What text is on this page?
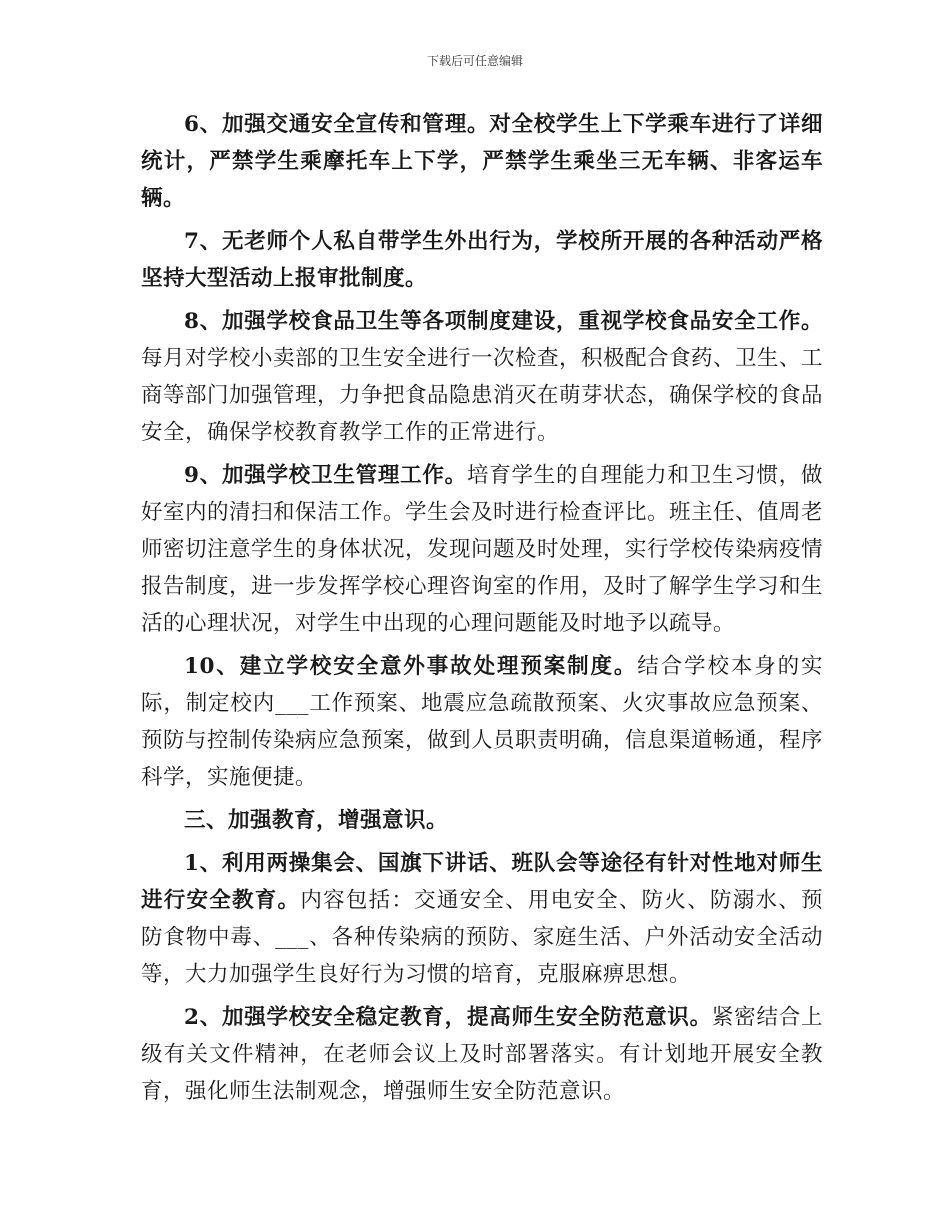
下载后可任意编辑

6、加强交通安全宣传和管理。对全校学生上下学乘车进行了详细统计，严禁学生乘摩托车上下学，严禁学生乘坐三无车辆、非客运车辆。

7、无老师个人私自带学生外出行为，学校所开展的各种活动严格坚持大型活动上报审批制度。

8、加强学校食品卫生等各项制度建设，重视学校食品安全工作。每月对学校小卖部的卫生安全进行一次检查，积极配合食药、卫生、工商等部门加强管理，力争把食品隐患消灭在萌芽状态，确保学校的食品安全，确保学校教育教学工作的正常进行。

9、加强学校卫生管理工作。培育学生的自理能力和卫生习惯，做好室内的清扫和保洁工作。学生会及时进行检查评比。班主任、值周老师密切注意学生的身体状况，发现问题及时处理，实行学校传染病疫情报告制度，进一步发挥学校心理咨询室的作用，及时了解学生学习和生活的心理状况，对学生中出现的心理问题能及时地予以疏导。

10、建立学校安全意外事故处理预案制度。结合学校本身的实际，制定校内___工作预案、地震应急疏散预案、火灾事故应急预案、预防与控制传染病应急预案，做到人员职责明确，信息渠道畅通，程序科学，实施便捷。

三、加强教育，增强意识。

1、利用两操集会、国旗下讲话、班队会等途径有针对性地对师生进行安全教育。内容包括：交通安全、用电安全、防火、防溺水、预防食物中毒、___、各种传染病的预防、家庭生活、户外活动安全活动等，大力加强学生良好行为习惯的培育，克服麻痹思想。

2、加强学校安全稳定教育，提高师生安全防范意识。紧密结合上级有关文件精神，在老师会议上及时部署落实。有计划地开展安全教育，强化师生法制观念，增强师生安全防范意识。
